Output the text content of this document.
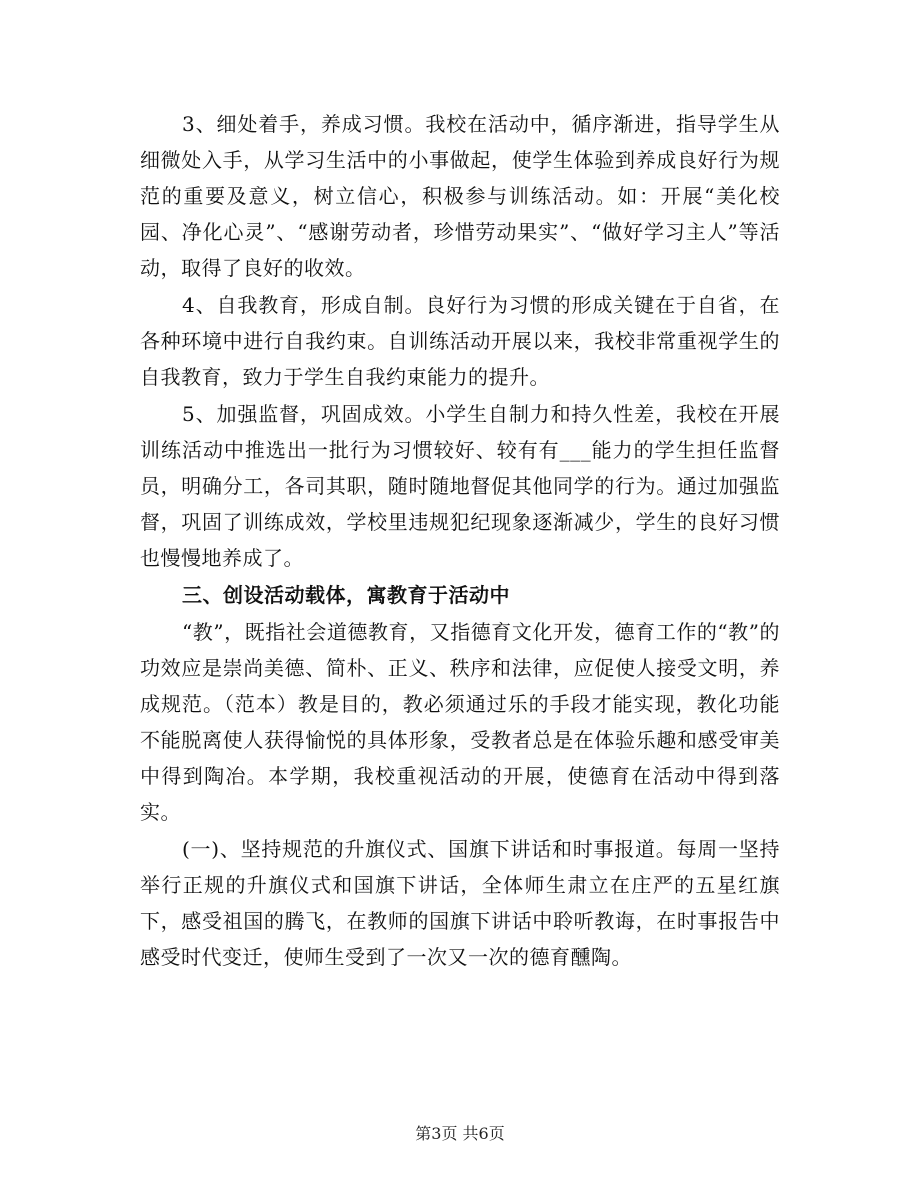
3、细处着手，养成习惯。我校在活动中，循序渐进，指导学生从细微处入手，从学习生活中的小事做起，使学生体验到养成良好行为规范的重要及意义，树立信心，积极参与训练活动。如：开展“美化校园、净化心灵”、“感谢劳动者，珍惜劳动果实”、“做好学习主人”等活动，取得了良好的收效。

4、自我教育，形成自制。良好行为习惯的形成关键在于自省，在各种环境中进行自我约束。自训练活动开展以来，我校非常重视学生的自我教育，致力于学生自我约束能力的提升。

5、加强监督，巩固成效。小学生自制力和持久性差，我校在开展训练活动中推选出一批行为习惯较好、较有有___能力的学生担任监督员，明确分工，各司其职，随时随地督促其他同学的行为。通过加强监督，巩固了训练成效，学校里违规犯纪现象逐渐减少，学生的良好习惯也慢慢地养成了。

三、创设活动载体，寓教育于活动中

“教”，既指社会道德教育，又指德育文化开发，德育工作的“教”的功效应是崇尚美德、简朴、正义、秩序和法律，应促使人接受文明，养成规范。（范本）教是目的，教必须通过乐的手段才能实现，教化功能不能脱离使人获得愉悦的具体形象，受教者总是在体验乐趣和感受审美中得到陶冶。本学期，我校重视活动的开展，使德育在活动中得到落实。

(一)、坚持规范的升旗仪式、国旗下讲话和时事报道。每周一坚持举行正规的升旗仪式和国旗下讲话，全体师生肃立在庄严的五星红旗下，感受祖国的腾飞，在教师的国旗下讲话中聆听教诲，在时事报告中感受时代变迁，使师生受到了一次又一次的德育醺陶。

第3页 共6页
